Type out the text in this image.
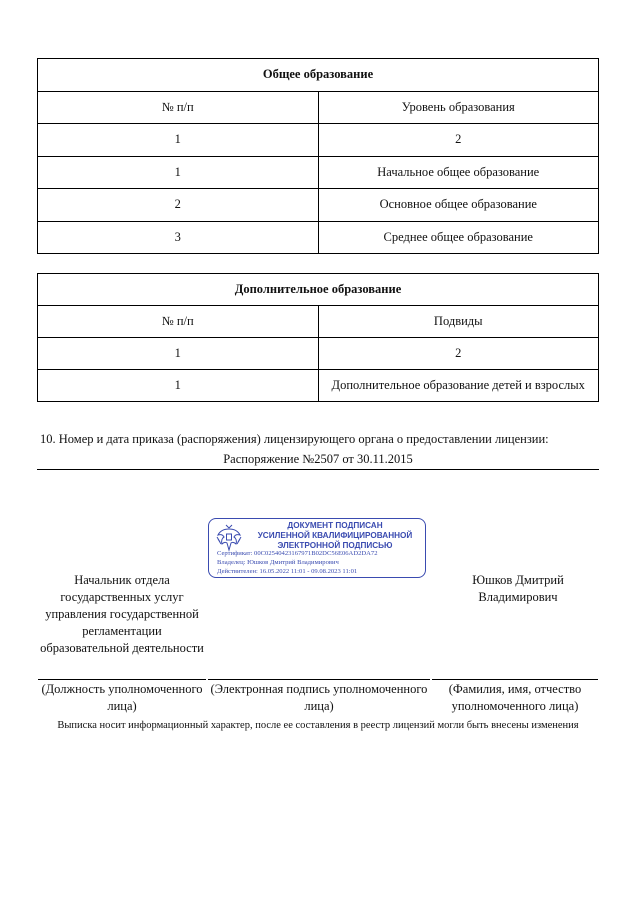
Общее образование	
№ п/п	Уровень образования
1	2
1	Начальное общее образование
2	Основное общее образование
3	Среднее общее образование
Дополнительное образование	
№ п/п	Подвиды
1	2
1	Дополнительное образование детей и взрослых
10. Номер и дата приказа (распоряжения) лицензирующего органа о предоставлении лицензии:
Распоряжение №2507 от 30.11.2015
ДОКУМЕНТ ПОДПИСАН
УСИЛЕННОЙ КВАЛИФИЦИРОВАННОЙ
ЭЛЕКТРОННОЙ ПОДПИСЬЮ
Сертификат: 00C02540423167971B02DC56E06AD2DA72
Владелец: Юшков Дмитрий Владимирович
Действителен: 16.05.2022 11:01 - 09.08.2023 11:01
Начальник отдела государственных услуг управления государственной регламентации образовательной деятельности
Юшков Дмитрий Владимирович
(Должность уполномоченного лица)
(Электронная подпись уполномоченного лица)
(Фамилия, имя, отчество уполномоченного лица)
Выписка носит информационный характер, после ее составления в реестр лицензий могли быть внесены изменения
